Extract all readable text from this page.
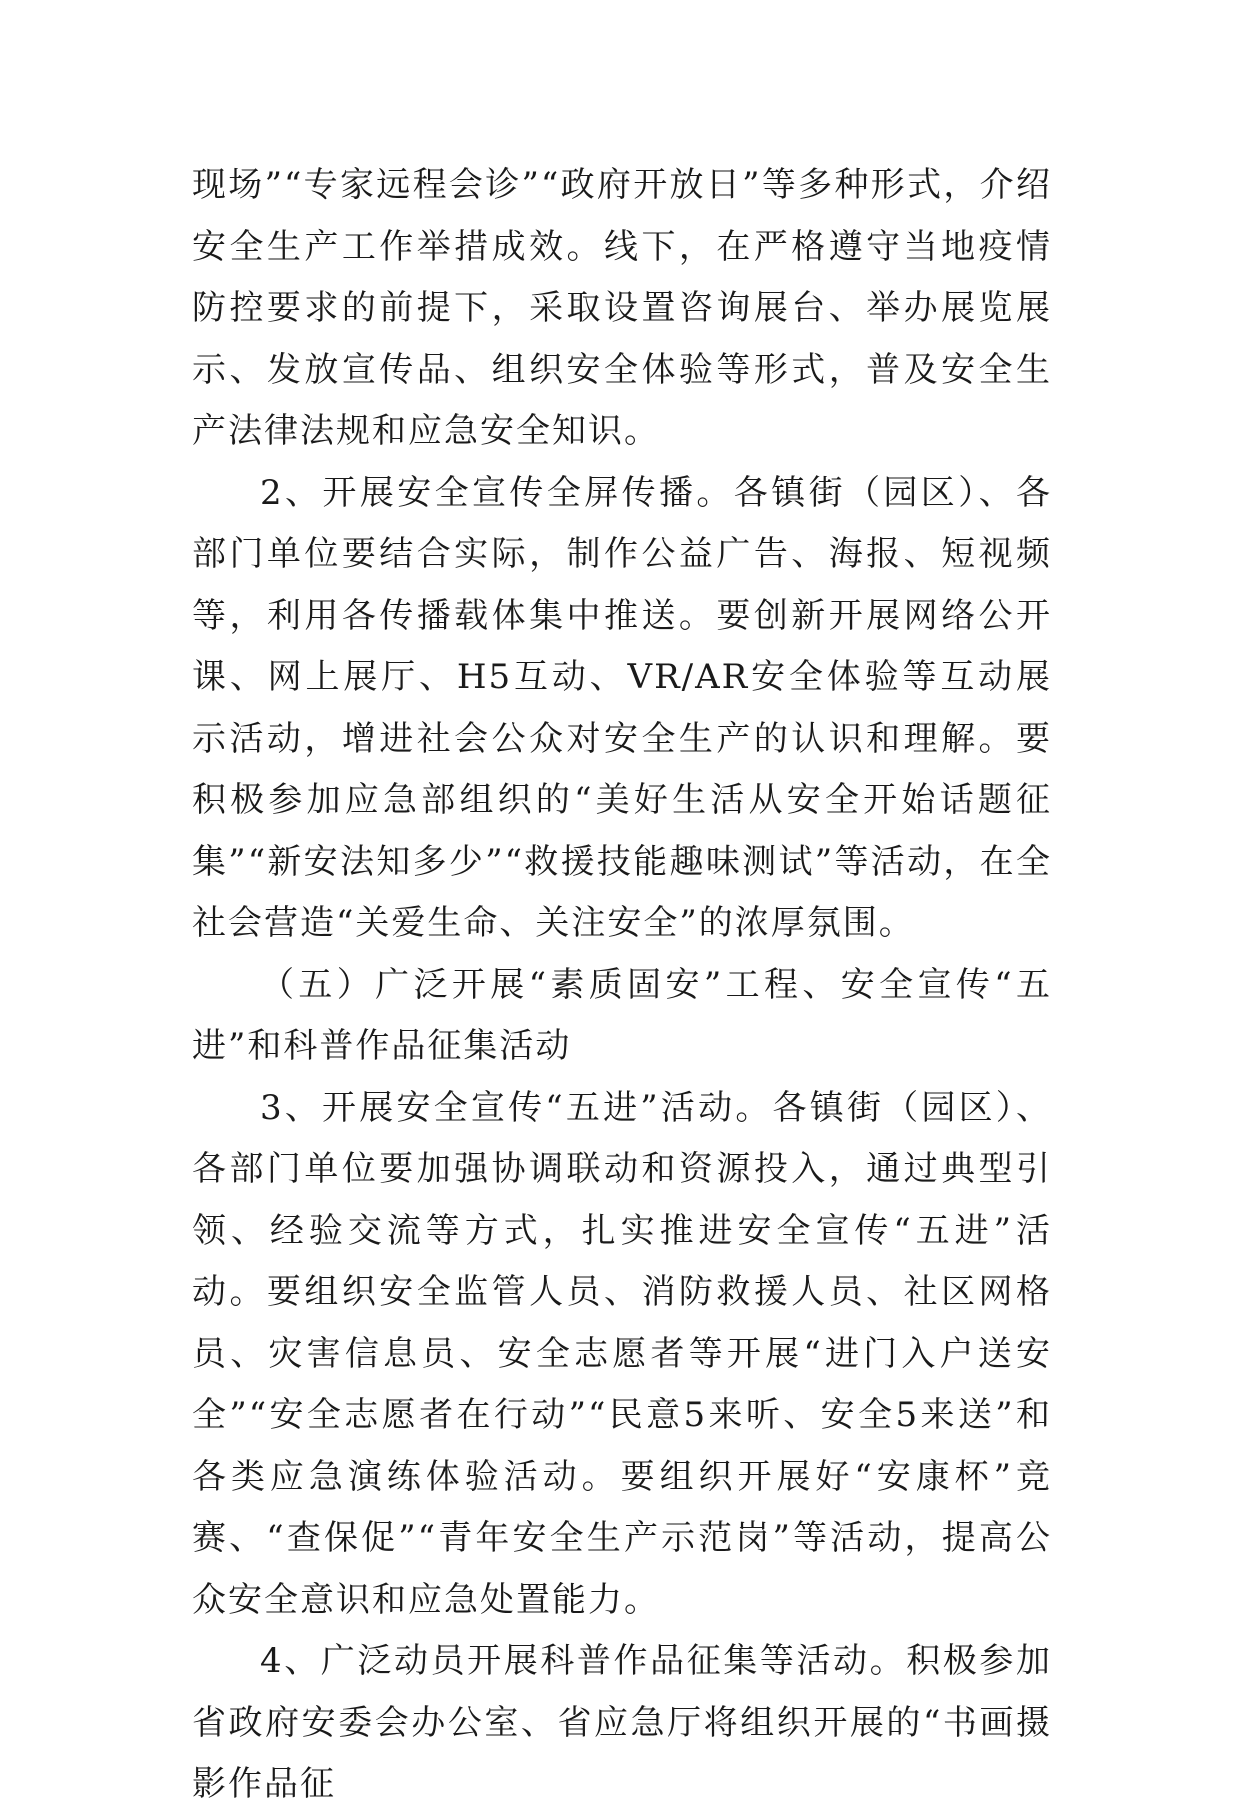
现场”“专家远程会诊”“政府开放日”等多种形式，介绍安全生产工作举措成效。线下，在严格遵守当地疫情防控要求的前提下，采取设置咨询展台、举办展览展示、发放宣传品、组织安全体验等形式，普及安全生产法律法规和应急安全知识。

2、开展安全宣传全屏传播。各镇街（园区）、各部门单位要结合实际，制作公益广告、海报、短视频等，利用各传播载体集中推送。要创新开展网络公开课、网上展厅、H5互动、VR/AR安全体验等互动展示活动，增进社会公众对安全生产的认识和理解。要积极参加应急部组织的“美好生活从安全开始话题征集”“新安法知多少”“救援技能趣味测试”等活动，在全社会营造“关爱生命、关注安全”的浓厚氛围。

（五）广泛开展“素质固安”工程、安全宣传“五进”和科普作品征集活动

3、开展安全宣传“五进”活动。各镇街（园区）、各部门单位要加强协调联动和资源投入，通过典型引领、经验交流等方式，扎实推进安全宣传“五进”活动。要组织安全监管人员、消防救援人员、社区网格员、灾害信息员、安全志愿者等开展“进门入户送安全”“安全志愿者在行动”“民意5来听、安全5来送”和各类应急演练体验活动。要组织开展好“安康杯”竞赛、“查保促”“青年安全生产示范岗”等活动，提高公众安全意识和应急处置能力。

4、广泛动员开展科普作品征集等活动。积极参加省政府安委会办公室、省应急厅将组织开展的“书画摄影作品征
